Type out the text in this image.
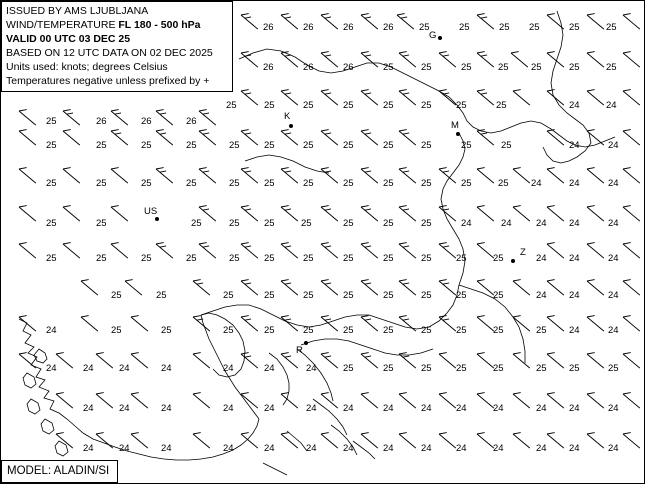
26	26	26	26	25	25	25 25	25	25
26	26	26	25	25	25	25 25	25	25
25	25	25	25	25	25	25	25	24	24
25	26	26	26
25	25	25	25	25	25	25	25	25	25	25	25	24	24
25	25	25	25	25	25	25	25	25	25	25	25 24	24	24
25	25	25	25	25	25	25	25	25	24	24	24 24	24
25	25	25	25	25	25	25	25	25	25	25	25	24 24	24
25	25	25	25	25	25	25	25	25	25	24 24	24
24	25	25	25	25	25	25	25	25	25	25	25 24	24
24	24	24	24	24	24	24	25	25	25	25	25	25 25	25
24	24	24	24	24	24	24	24	24	24	24	24 24	24
24	24	24	24	24	24	24	24	24	24	24	24 24	24
G
K
M
US
Z
R
ISSUED BY AMS LJUBLJANA
WIND/TEMPERATURE FL 180 - 500 hPa
VALID 00 UTC 03 DEC 25
BASED ON 12 UTC DATA ON 02 DEC 2025
Units used: knots; degrees Celsius
Temperatures negative unless prefixed by +
MODEL: ALADIN/SI
